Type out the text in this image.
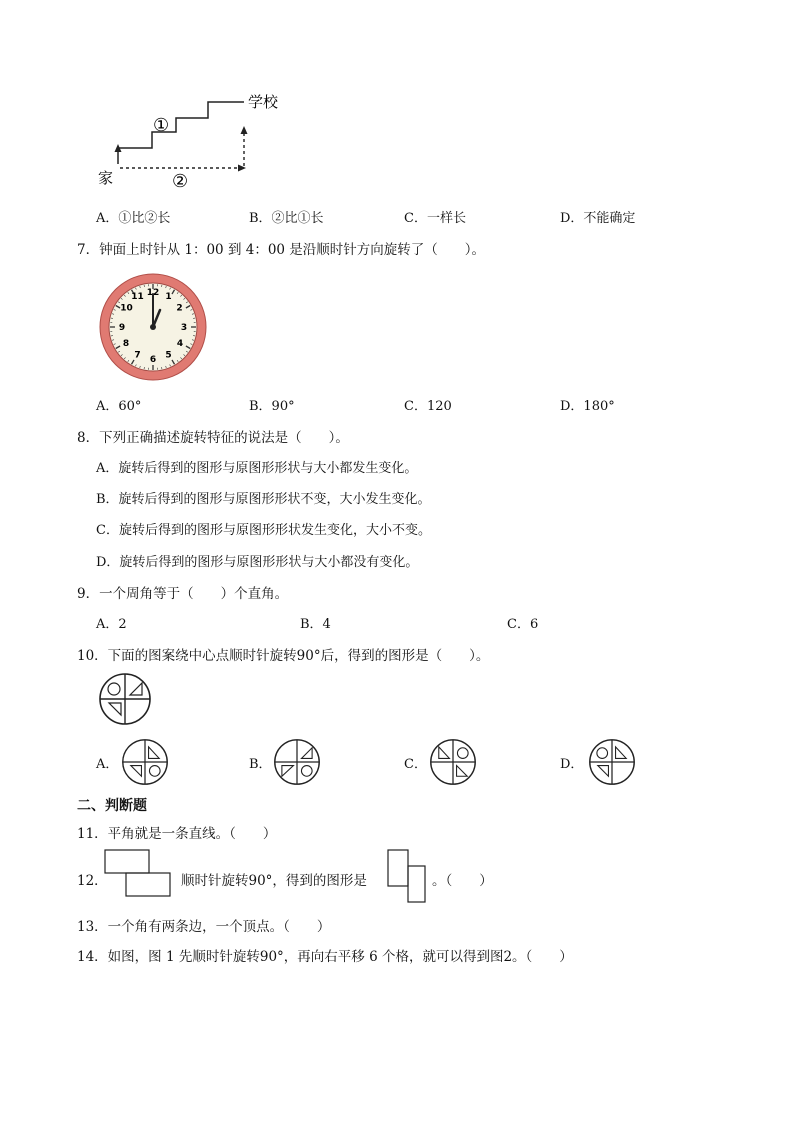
①
②
学校
家
A．①比②长	B．②比①长	C．一样长	D．不能确定
7．钟面上时针从 1：00 到 4：00 是沿顺时针方向旋转了（　　）。
12 1
2
3
4
5
6
7
8
9
10
11
A．60°	B．90°	C．120	D．180°
8．下列正确描述旋转特征的说法是（　　）。
A．旋转后得到的图形与原图形形状与大小都发生变化。
B．旋转后得到的图形与原图形形状不变，大小发生变化。
C．旋转后得到的图形与原图形形状发生变化，大小不变。
D．旋转后得到的图形与原图形形状与大小都没有变化。
9．一个周角等于（　　）个直角。
A．2	B．4	C．6
10．下面的图案绕中心点顺时针旋转90°后，得到的图形是（　　）。
A．	B．	C．	D．
二、判断题
11．平角就是一条直线。（　　）
12．	顺时针旋转90°，得到的图形是	。（　　）
13．一个角有两条边，一个顶点。（　　）
14．如图，图 1 先顺时针旋转90°，再向右平移 6 个格，就可以得到图2。（　　）
